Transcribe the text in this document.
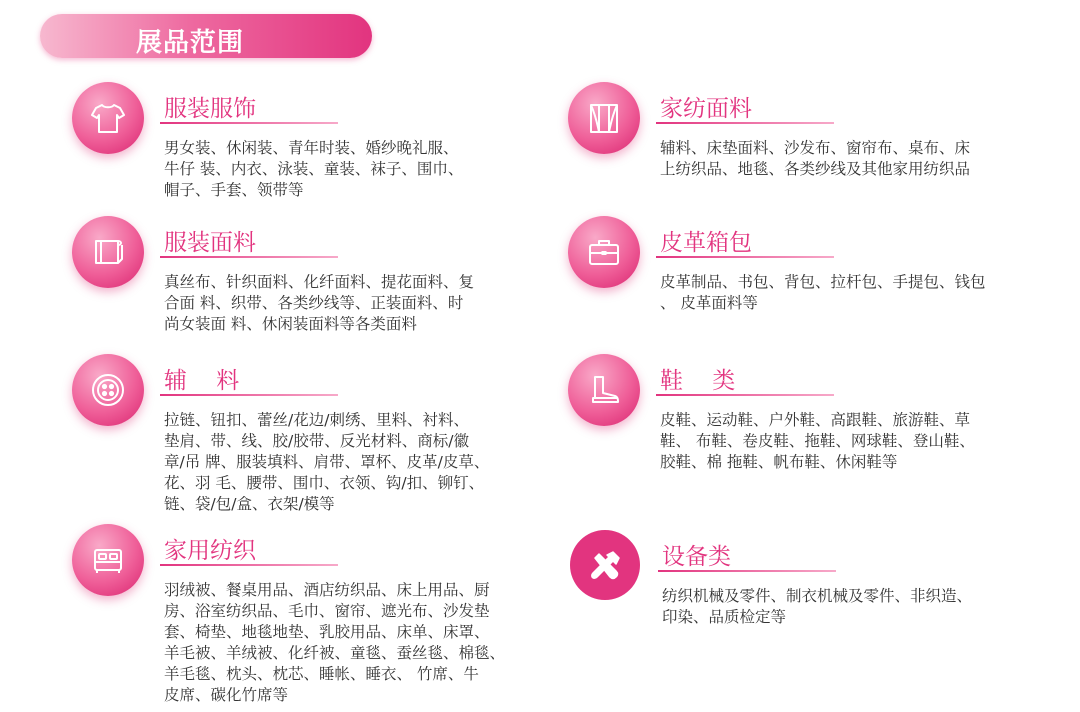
展品范围
服装服饰
男女装、休闲装、青年时装、婚纱晚礼服、
牛仔 装、内衣、泳装、童装、袜子、围巾、
帽子、手套、领带等
服装面料
真丝布、针织面料、化纤面料、提花面料、复
合面 料、织带、各类纱线等、正装面料、时
尚女装面 料、休闲装面料等各类面料
辅    料
拉链、钮扣、蕾丝/花边/刺绣、里料、衬料、
垫肩、带、线、胶/胶带、反光材料、商标/徽
章/吊 牌、服装填料、肩带、罩杯、皮革/皮草、
花、羽 毛、腰带、围巾、衣领、钩/扣、铆钉、
链、袋/包/盒、衣架/模等
家用纺织
羽绒被、餐桌用品、酒店纺织品、床上用品、厨
房、浴室纺织品、毛巾、窗帘、遮光布、沙发垫
套、椅垫、地毯地垫、乳胶用品、床单、床罩、
羊毛被、羊绒被、化纤被、童毯、蚕丝毯、棉毯、
羊毛毯、枕头、枕芯、睡帐、睡衣、 竹席、牛
皮席、碳化竹席等
家纺面料
辅料、床垫面料、沙发布、窗帘布、桌布、床
上纺织品、地毯、各类纱线及其他家用纺织品
皮革箱包
皮革制品、书包、背包、拉杆包、手提包、钱包
、 皮革面料等
鞋    类
皮鞋、运动鞋、户外鞋、高跟鞋、旅游鞋、草
鞋、 布鞋、卷皮鞋、拖鞋、网球鞋、登山鞋、
胶鞋、棉 拖鞋、帆布鞋、休闲鞋等
设备类
纺织机械及零件、制衣机械及零件、非织造、
印染、品质检定等
